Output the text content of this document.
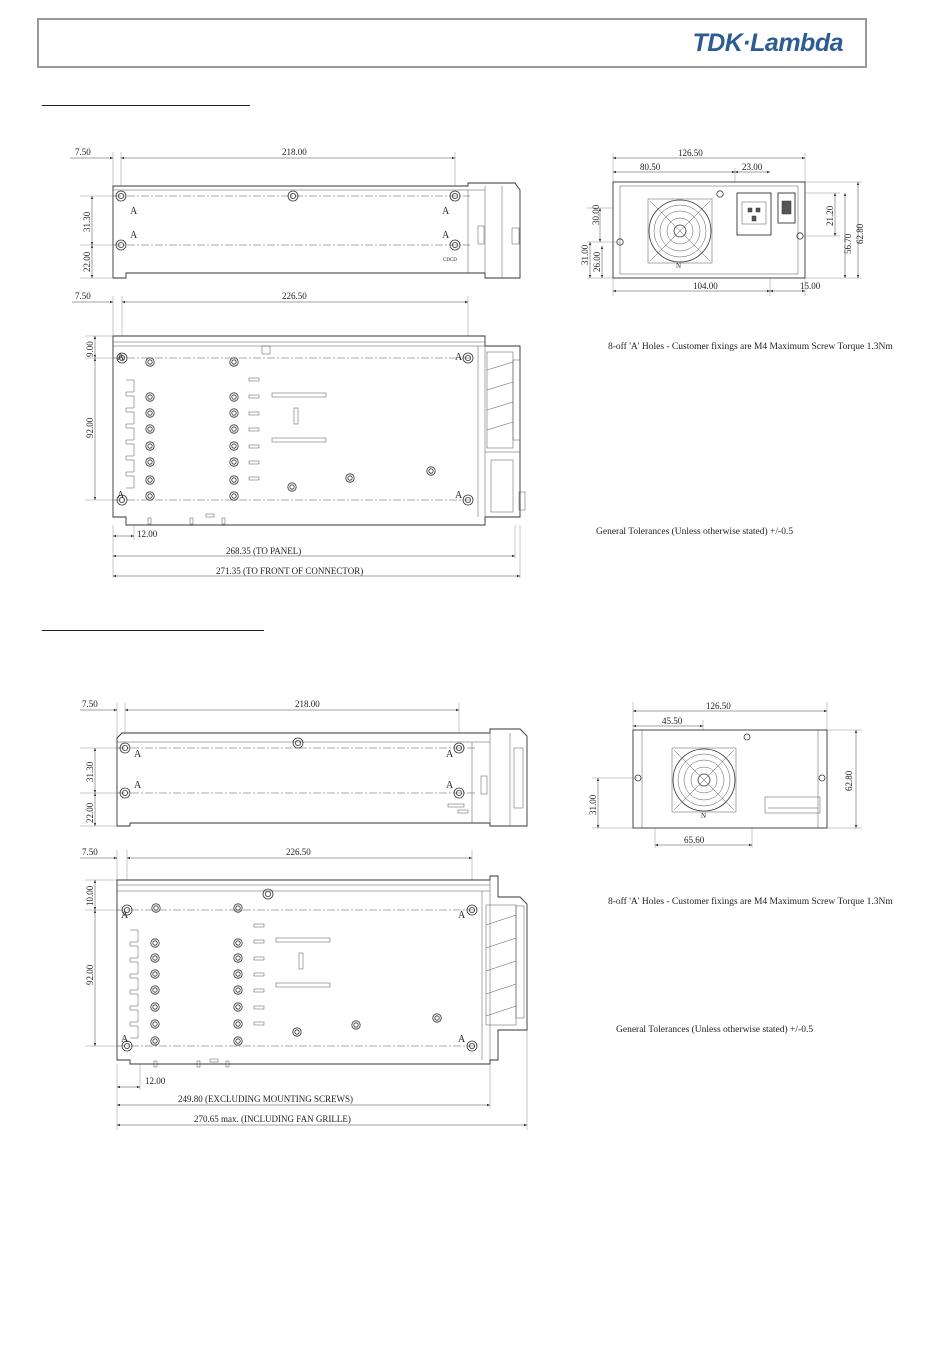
TDK·Lambda
7.50	218.00
A
A
A
A
CDCD
31.30
22.00
126.50
80.50	23.00
N
30.00
31.00 26.00
21.20
62.80
56.70
104.00	15.00
7.50	226.50
A
A
A
A
9.00
92.00
12.00
268.35 (TO PANEL)
271.35 (TO FRONT OF CONNECTOR)
7.50	218.00
A
A
A
A
31.30
22.00
126.50
45.50
N
31.00
62.80
65.60
7.50	226.50
A
A	A
A
10.00
92.00
12.00
249.80 (EXCLUDING MOUNTING SCREWS)
270.65 max. (INCLUDING FAN GRILLE)
8-off 'A' Holes - Customer fixings are M4 Maximum Screw Torque 1.3Nm
General Tolerances (Unless otherwise stated) +/-0.5
8-off 'A' Holes - Customer fixings are M4 Maximum Screw Torque 1.3Nm
General Tolerances (Unless otherwise stated) +/-0.5
